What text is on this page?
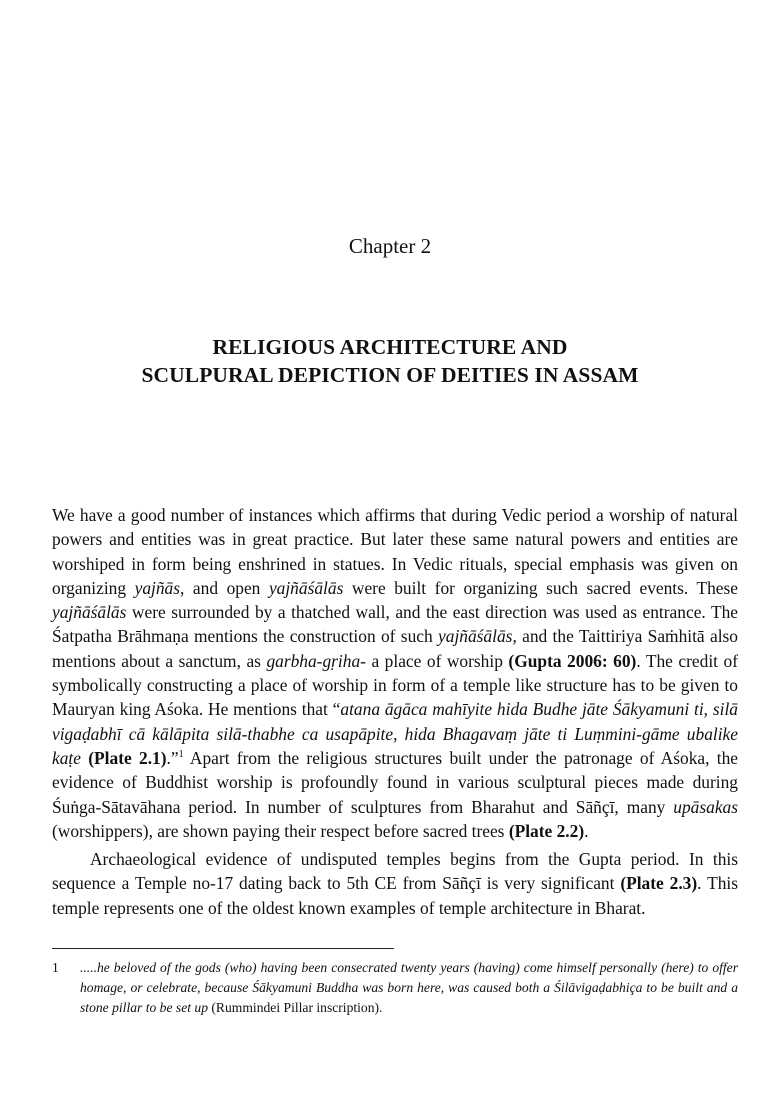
Chapter 2
RELIGIOUS ARCHITECTURE AND
SCULPURAL DEPICTION OF DEITIES IN ASSAM

We have a good number of instances which affirms that during Vedic period a worship of natural powers and entities was in great practice. But later these same natural powers and entities are worshiped in form being enshrined in statues. In Vedic rituals, special emphasis was given on organizing yajñās, and open yajñāśālās were built for organizing such sacred events. These yajñāśālās were surrounded by a thatched wall, and the east direction was used as entrance. The Śatpatha Brāhmaṇa mentions the construction of such yajñāśālās, and the Taittiriya Saṁhitā also mentions about a sanctum, as garbha-gṛiha- a place of worship (Gupta 2006: 60). The credit of symbolically constructing a place of worship in form of a temple like structure has to be given to Mauryan king Aśoka. He mentions that “atana āgāca mahīyite hida Budhe jāte Śākyamuni ti, silā vigaḍabhī cā kālāpita silā-thabhe ca usapāpite, hida Bhagavaṃ jāte ti Luṃmini-gāme ubalike kaṭe (Plate 2.1).”$^1$ Apart from the religious structures built under the patronage of Aśoka, the evidence of Buddhist worship is profoundly found in various sculptural pieces made during Śuṅga-Sātavāhana period. In number of sculptures from Bharahut and Sāñçī, many upāsakas (worshippers), are shown paying their respect before sacred trees (Plate 2.2).

Archaeological evidence of undisputed temples begins from the Gupta period. In this sequence a Temple no-17 dating back to 5th CE from Sāñçī is very significant (Plate 2.3). This temple represents one of the oldest known examples of temple architecture in Bharat.

1	.....he beloved of the gods (who) having been consecrated twenty years (having) come himself personally (here) to offer homage, or celebrate, because Śākyamuni Buddha was born here, was caused both a Śilāvigaḍabhiça to be built and a stone pillar to be set up (Rummindei Pillar inscription).
